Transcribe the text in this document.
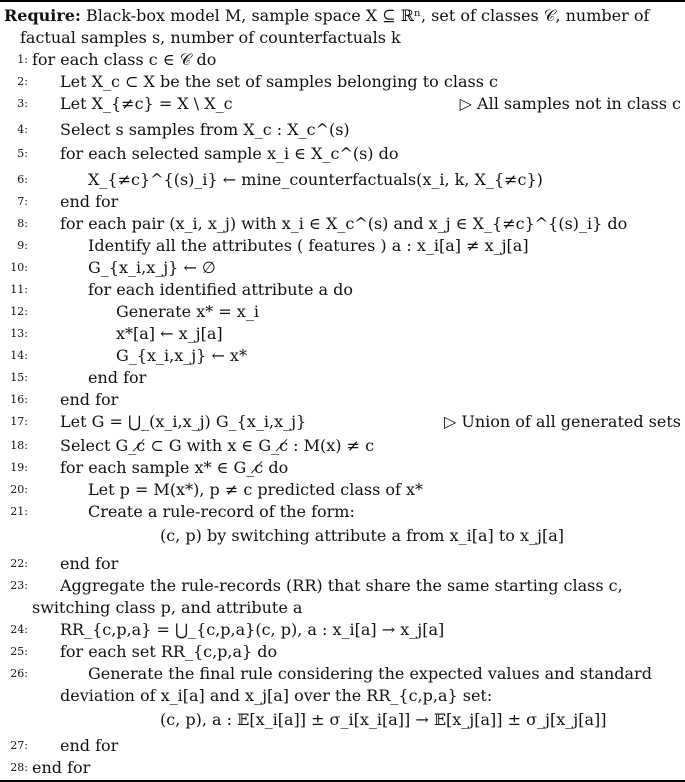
Require: Black-box model M, sample space X ⊆ ℝⁿ, set of classes 𝒞, number of
factual samples s, number of counterfactuals k
1: for each class c ∈ 𝒞 do
2: Let X_c ⊂ X be the set of samples belonging to class c
3: Let X_{≠c} = X \ X_c	▷ All samples not in class c
4: Select s samples from X_c : X_c^(s)
5: for each selected sample x_i ∈ X_c^(s) do
6:	X_{≠c}^{(s)_i} ← mine_counterfactuals(x_i, k, X_{≠c})
7: end for
8: for each pair (x_i, x_j) with x_i ∈ X_c^(s) and x_j ∈ X_{≠c}^{(s)_i} do
9:	Identify all the attributes ( features ) a : x_i[a] ≠ x_j[a]
10:	G_{x_i,x_j} ← ∅
11:	for each identified attribute a do
12:	Generate x* = x_i
13:	x*[a] ← x_j[a]
14:	G_{x_i,x_j} ← x*
15:	end for
16: end for
17: Let G = ⋃_(x_i,x_j) G_{x_i,x_j}	▷ Union of all generated sets
18: Select G_c̸ ⊂ G with x ∈ G_c̸ : M(x) ≠ c
19: for each sample x* ∈ G_c̸ do
20:	Let p = M(x*), p ≠ c predicted class of x*
21:	Create a rule-record of the form:
(c, p) by switching attribute a from x_i[a] to x_j[a]
22: end for
23: Aggregate the rule-records (RR) that share the same starting class c,
switching class p, and attribute a
24: RR_{c,p,a} = ⋃_{c,p,a}(c, p), a : x_i[a] → x_j[a]
25: for each set RR_{c,p,a} do
26:	Generate the final rule considering the expected values and standard
deviation of x_i[a] and x_j[a] over the RR_{c,p,a} set:
(c, p), a : 𝔼[x_i[a]] ± σ_i[x_i[a]] → 𝔼[x_j[a]] ± σ_j[x_j[a]]
27: end for
28: end for
